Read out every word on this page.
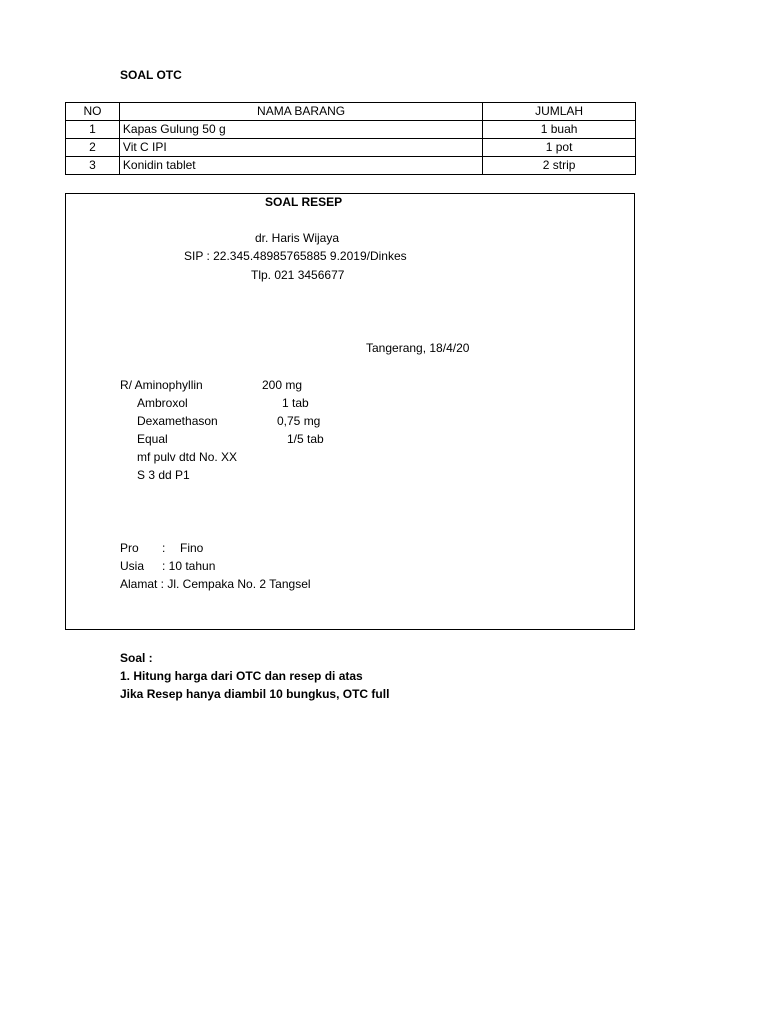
SOAL OTC
NO	NAMA BARANG	JUMLAH
1	Kapas Gulung 50 g	1 buah
2	Vit C IPI	1 pot
3	Konidin tablet	2 strip
SOAL RESEP
dr. Haris Wijaya
SIP : 22.345.48985765885 9.2019/Dinkes
Tlp. 021 3456677
Tangerang, 18/4/20
R/ Aminophyllin	200 mg
Ambroxol	1 tab
Dexamethason	0,75 mg
Equal	1/5 tab
mf pulv dtd No. XX
S 3 dd P1
Pro : Fino
Usia : 10 tahun
Alamat : Jl. Cempaka No. 2 Tangsel
Soal :
1. Hitung harga dari OTC dan resep di atas
Jika Resep hanya diambil 10 bungkus, OTC full
